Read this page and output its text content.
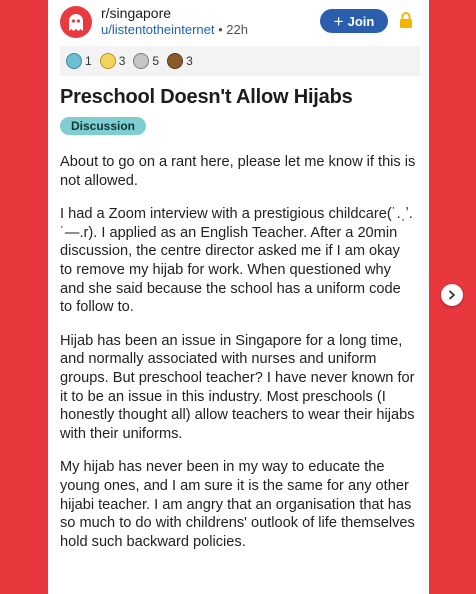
r/singapore
u/listentotheinternet • 22h	+ Join
1 3 5 3
Preschool Doesn't Allow Hijabs
Discussion

About to go on a rant here, please let me know if this is not allowed.

I had a Zoom interview with a prestigious childcare(˙.ˌʼ. ˙—.r). I applied as an English Teacher. After a 20min discussion, the centre director asked me if I am okay to remove my hijab for work. When questioned why and she said because the school has a uniform code to follow to.

Hijab has been an issue in Singapore for a long time, and normally associated with nurses and uniform groups. But preschool teacher? I have never known for it to be an issue in this industry. Most preschools (I honestly thought all) allow teachers to wear their hijabs with their uniforms.

My hijab has never been in my way to educate the young ones, and I am sure it is the same for any other hijabi teacher. I am angry that an organisation that has so much to do with childrens' outlook of life themselves hold such backward policies.
